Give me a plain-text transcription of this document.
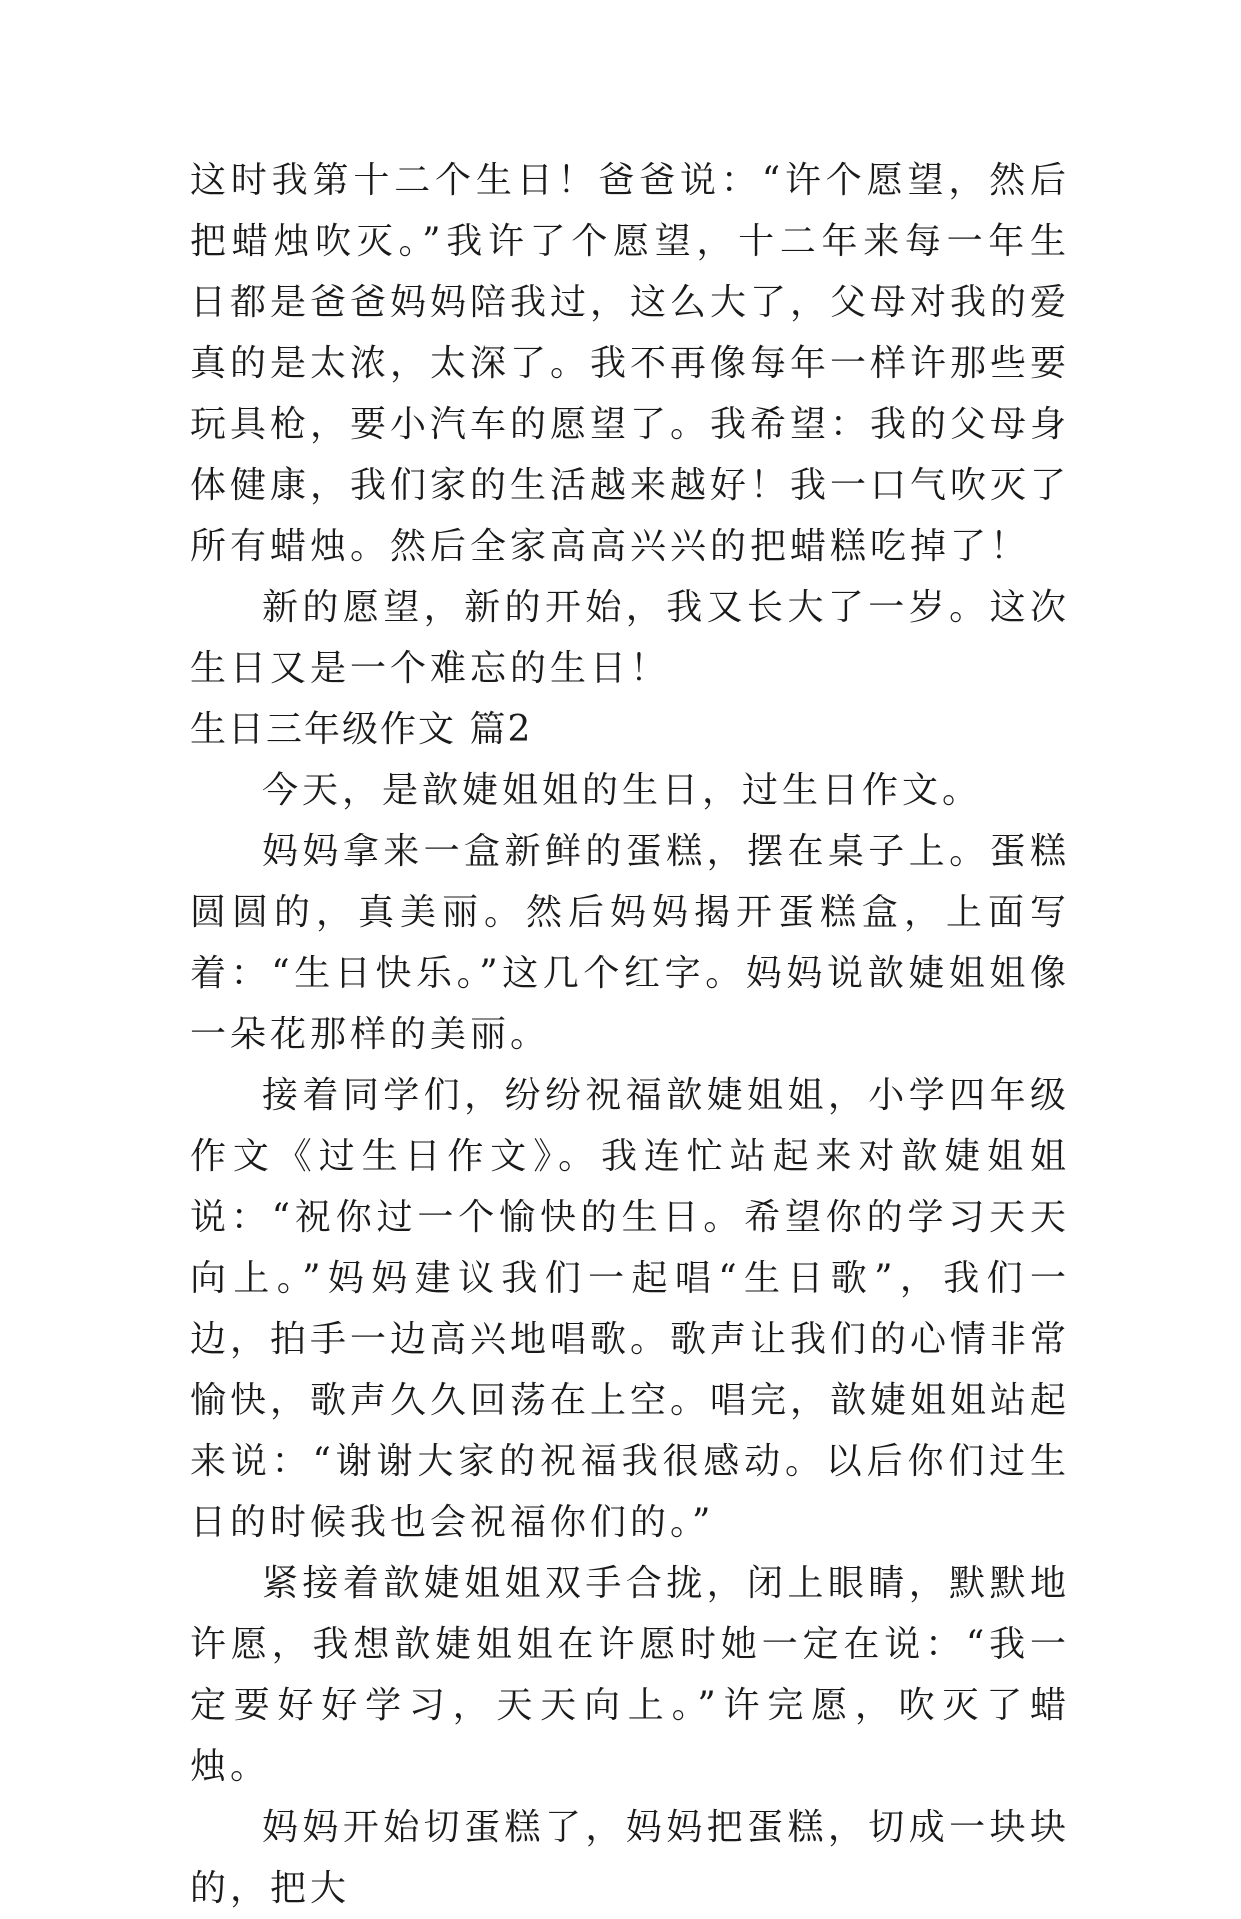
这时我第十二个生日！爸爸说：“许个愿望，然后把蜡烛吹灭。”我许了个愿望，十二年来每一年生日都是爸爸妈妈陪我过，这么大了，父母对我的爱真的是太浓，太深了。我不再像每年一样许那些要玩具枪，要小汽车的愿望了。我希望：我的父母身体健康，我们家的生活越来越好！我一口气吹灭了所有蜡烛。然后全家高高兴兴的把蜡糕吃掉了！

新的愿望，新的开始，我又长大了一岁。这次生日又是一个难忘的生日！

生日三年级作文 篇2

今天，是歆婕姐姐的生日，过生日作文。

妈妈拿来一盒新鲜的蛋糕，摆在桌子上。蛋糕圆圆的，真美丽。然后妈妈揭开蛋糕盒，上面写着：“生日快乐。”这几个红字。妈妈说歆婕姐姐像一朵花那样的美丽。

接着同学们，纷纷祝福歆婕姐姐，小学四年级作文《过生日作文》。我连忙站起来对歆婕姐姐说：“祝你过一个愉快的生日。希望你的学习天天向上。”妈妈建议我们一起唱“生日歌”，我们一边，拍手一边高兴地唱歌。歌声让我们的心情非常愉快，歌声久久回荡在上空。唱完，歆婕姐姐站起来说：“谢谢大家的祝福我很感动。以后你们过生日的时候我也会祝福你们的。”

紧接着歆婕姐姐双手合拢，闭上眼睛，默默地许愿，我想歆婕姐姐在许愿时她一定在说：“我一定要好好学习，天天向上。”许完愿，吹灭了蜡烛。

妈妈开始切蛋糕了，妈妈把蛋糕，切成一块块的，把大
